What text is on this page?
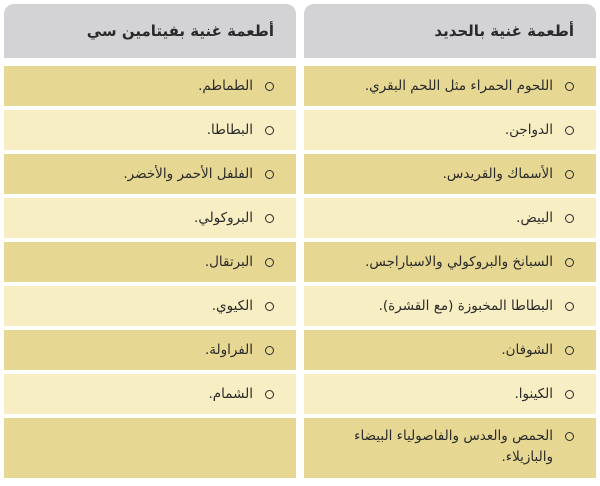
أطعمة غنية بالحديد
اللحوم الحمراء مثل اللحم البقري.
الدواجن.
الأسماك والقريدس.
البيض.
السبانخ والبروكولي والاسباراجس.
البطاطا المخبوزة (مع القشرة).
الشوفان.
الكينوا.
الحمص والعدس والفاصولياء البيضاء والبازيلاء.
أطعمة غنية بفيتامين سي
الطماطم.
البطاطا.
الفلفل الأحمر والأخضر.
البروكولي.
البرتقال.
الكيوي.
الفراولة.
الشمام.
